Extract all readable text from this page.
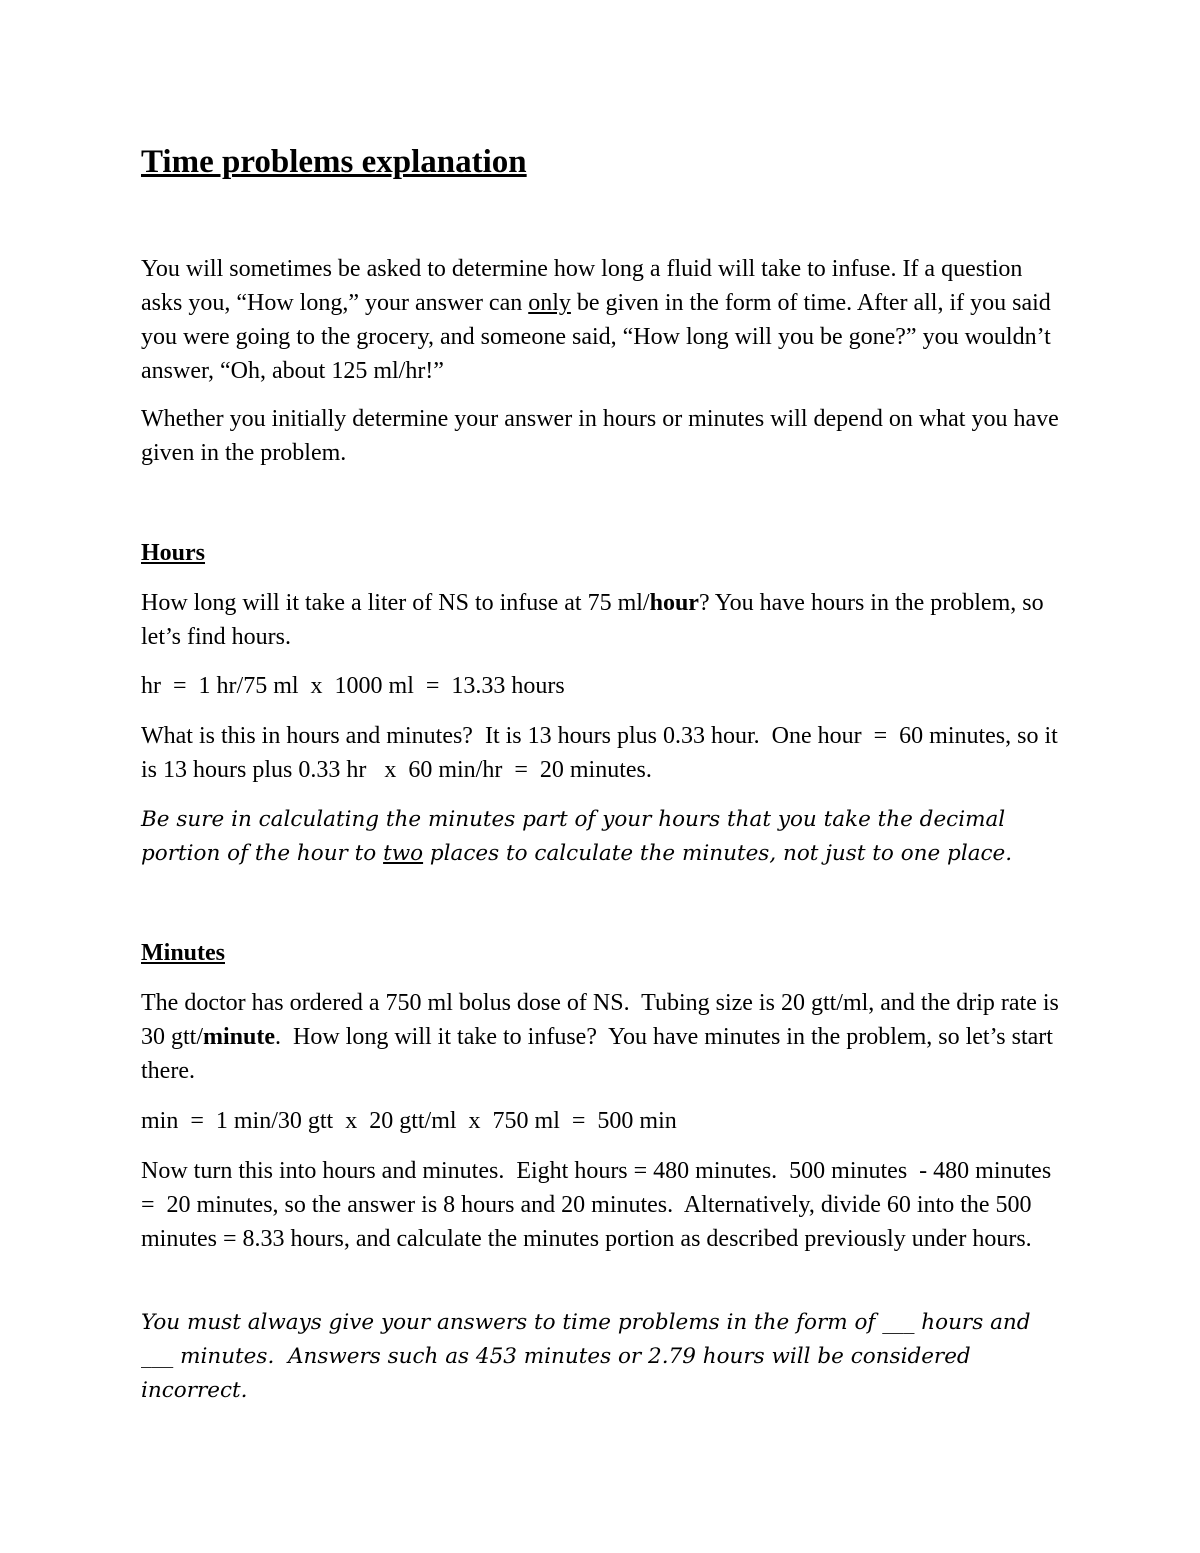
Time problems explanation

You will sometimes be asked to determine how long a fluid will take to infuse. If a question asks you, “How long,” your answer can only be given in the form of time. After all, if you said you were going to the grocery, and someone said, “How long will you be gone?” you wouldn’t answer, “Oh, about 125 ml/hr!”

Whether you initially determine your answer in hours or minutes will depend on what you have given in the problem.

Hours

How long will it take a liter of NS to infuse at 75 ml/hour? You have hours in the problem, so let’s find hours.

hr  =  1 hr/75 ml  x  1000 ml  =  13.33 hours

What is this in hours and minutes?  It is 13 hours plus 0.33 hour.  One hour  =  60 minutes, so it is 13 hours plus 0.33 hr   x  60 min/hr  =  20 minutes.

Be sure in calculating the minutes part of your hours that you take the decimal portion of the hour to two places to calculate the minutes, not just to one place.

Minutes

The doctor has ordered a 750 ml bolus dose of NS.  Tubing size is 20 gtt/ml, and the drip rate is 30 gtt/minute.  How long will it take to infuse?  You have minutes in the problem, so let’s start there.

min  =  1 min/30 gtt  x  20 gtt/ml  x  750 ml  =  500 min

Now turn this into hours and minutes.  Eight hours = 480 minutes.  500 minutes  - 480 minutes  =  20 minutes, so the answer is 8 hours and 20 minutes.  Alternatively, divide 60 into the 500 minutes = 8.33 hours, and calculate the minutes portion as described previously under hours.

You must always give your answers to time problems in the form of ___ hours and ___ minutes.  Answers such as 453 minutes or 2.79 hours will be considered incorrect.
